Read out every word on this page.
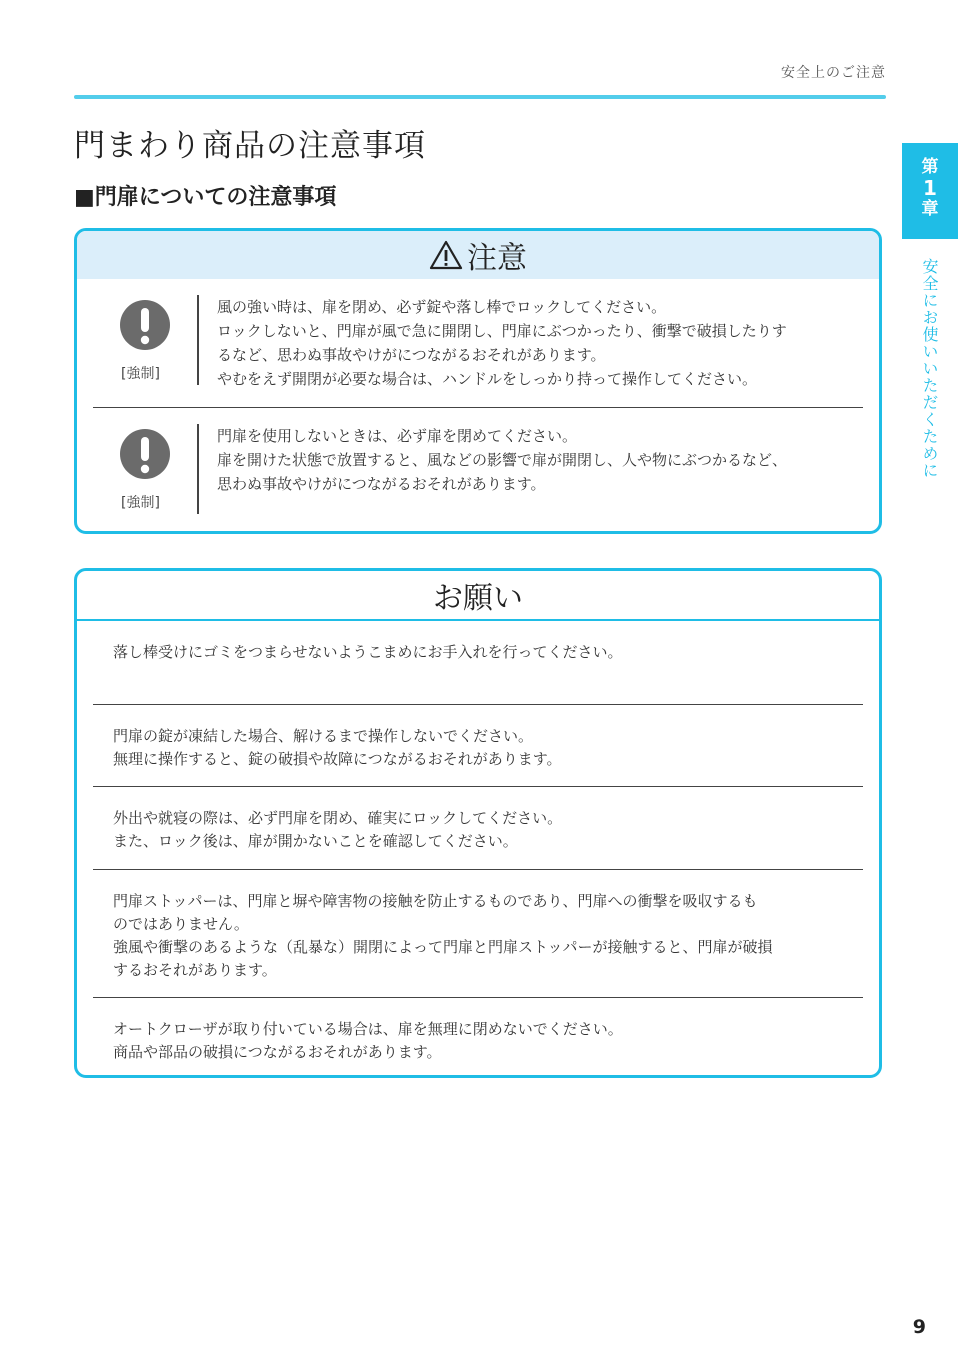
安全上のご注意
門まわり商品の注意事項
■門扉についての注意事項
第
1
章
安全にお使いいただくために
注意
[強制]
風の強い時は、扉を閉め、必ず錠や落し棒でロックしてください。
ロックしないと、門扉が風で急に開閉し、門扉にぶつかったり、衝撃で破損したりす
るなど、思わぬ事故やけがにつながるおそれがあります。
やむをえず開閉が必要な場合は、ハンドルをしっかり持って操作してください。
[強制]
門扉を使用しないときは、必ず扉を閉めてください。
扉を開けた状態で放置すると、風などの影響で扉が開閉し、人や物にぶつかるなど、
思わぬ事故やけがにつながるおそれがあります。
お願い

落し棒受けにゴミをつまらせないようこまめにお手入れを行ってください。

門扉の錠が凍結した場合、解けるまで操作しないでください。

無理に操作すると、錠の破損や故障につながるおそれがあります。

外出や就寝の際は、必ず門扉を閉め、確実にロックしてください。

また、ロック後は、扉が開かないことを確認してください。

門扉ストッパーは、門扉と塀や障害物の接触を防止するものであり、門扉への衝撃を吸収するも

のではありません。

強風や衝撃のあるような（乱暴な）開閉によって門扉と門扉ストッパーが接触すると、門扉が破損

するおそれがあります。

オートクローザが取り付いている場合は、扉を無理に閉めないでください。

商品や部品の破損につながるおそれがあります。

9
